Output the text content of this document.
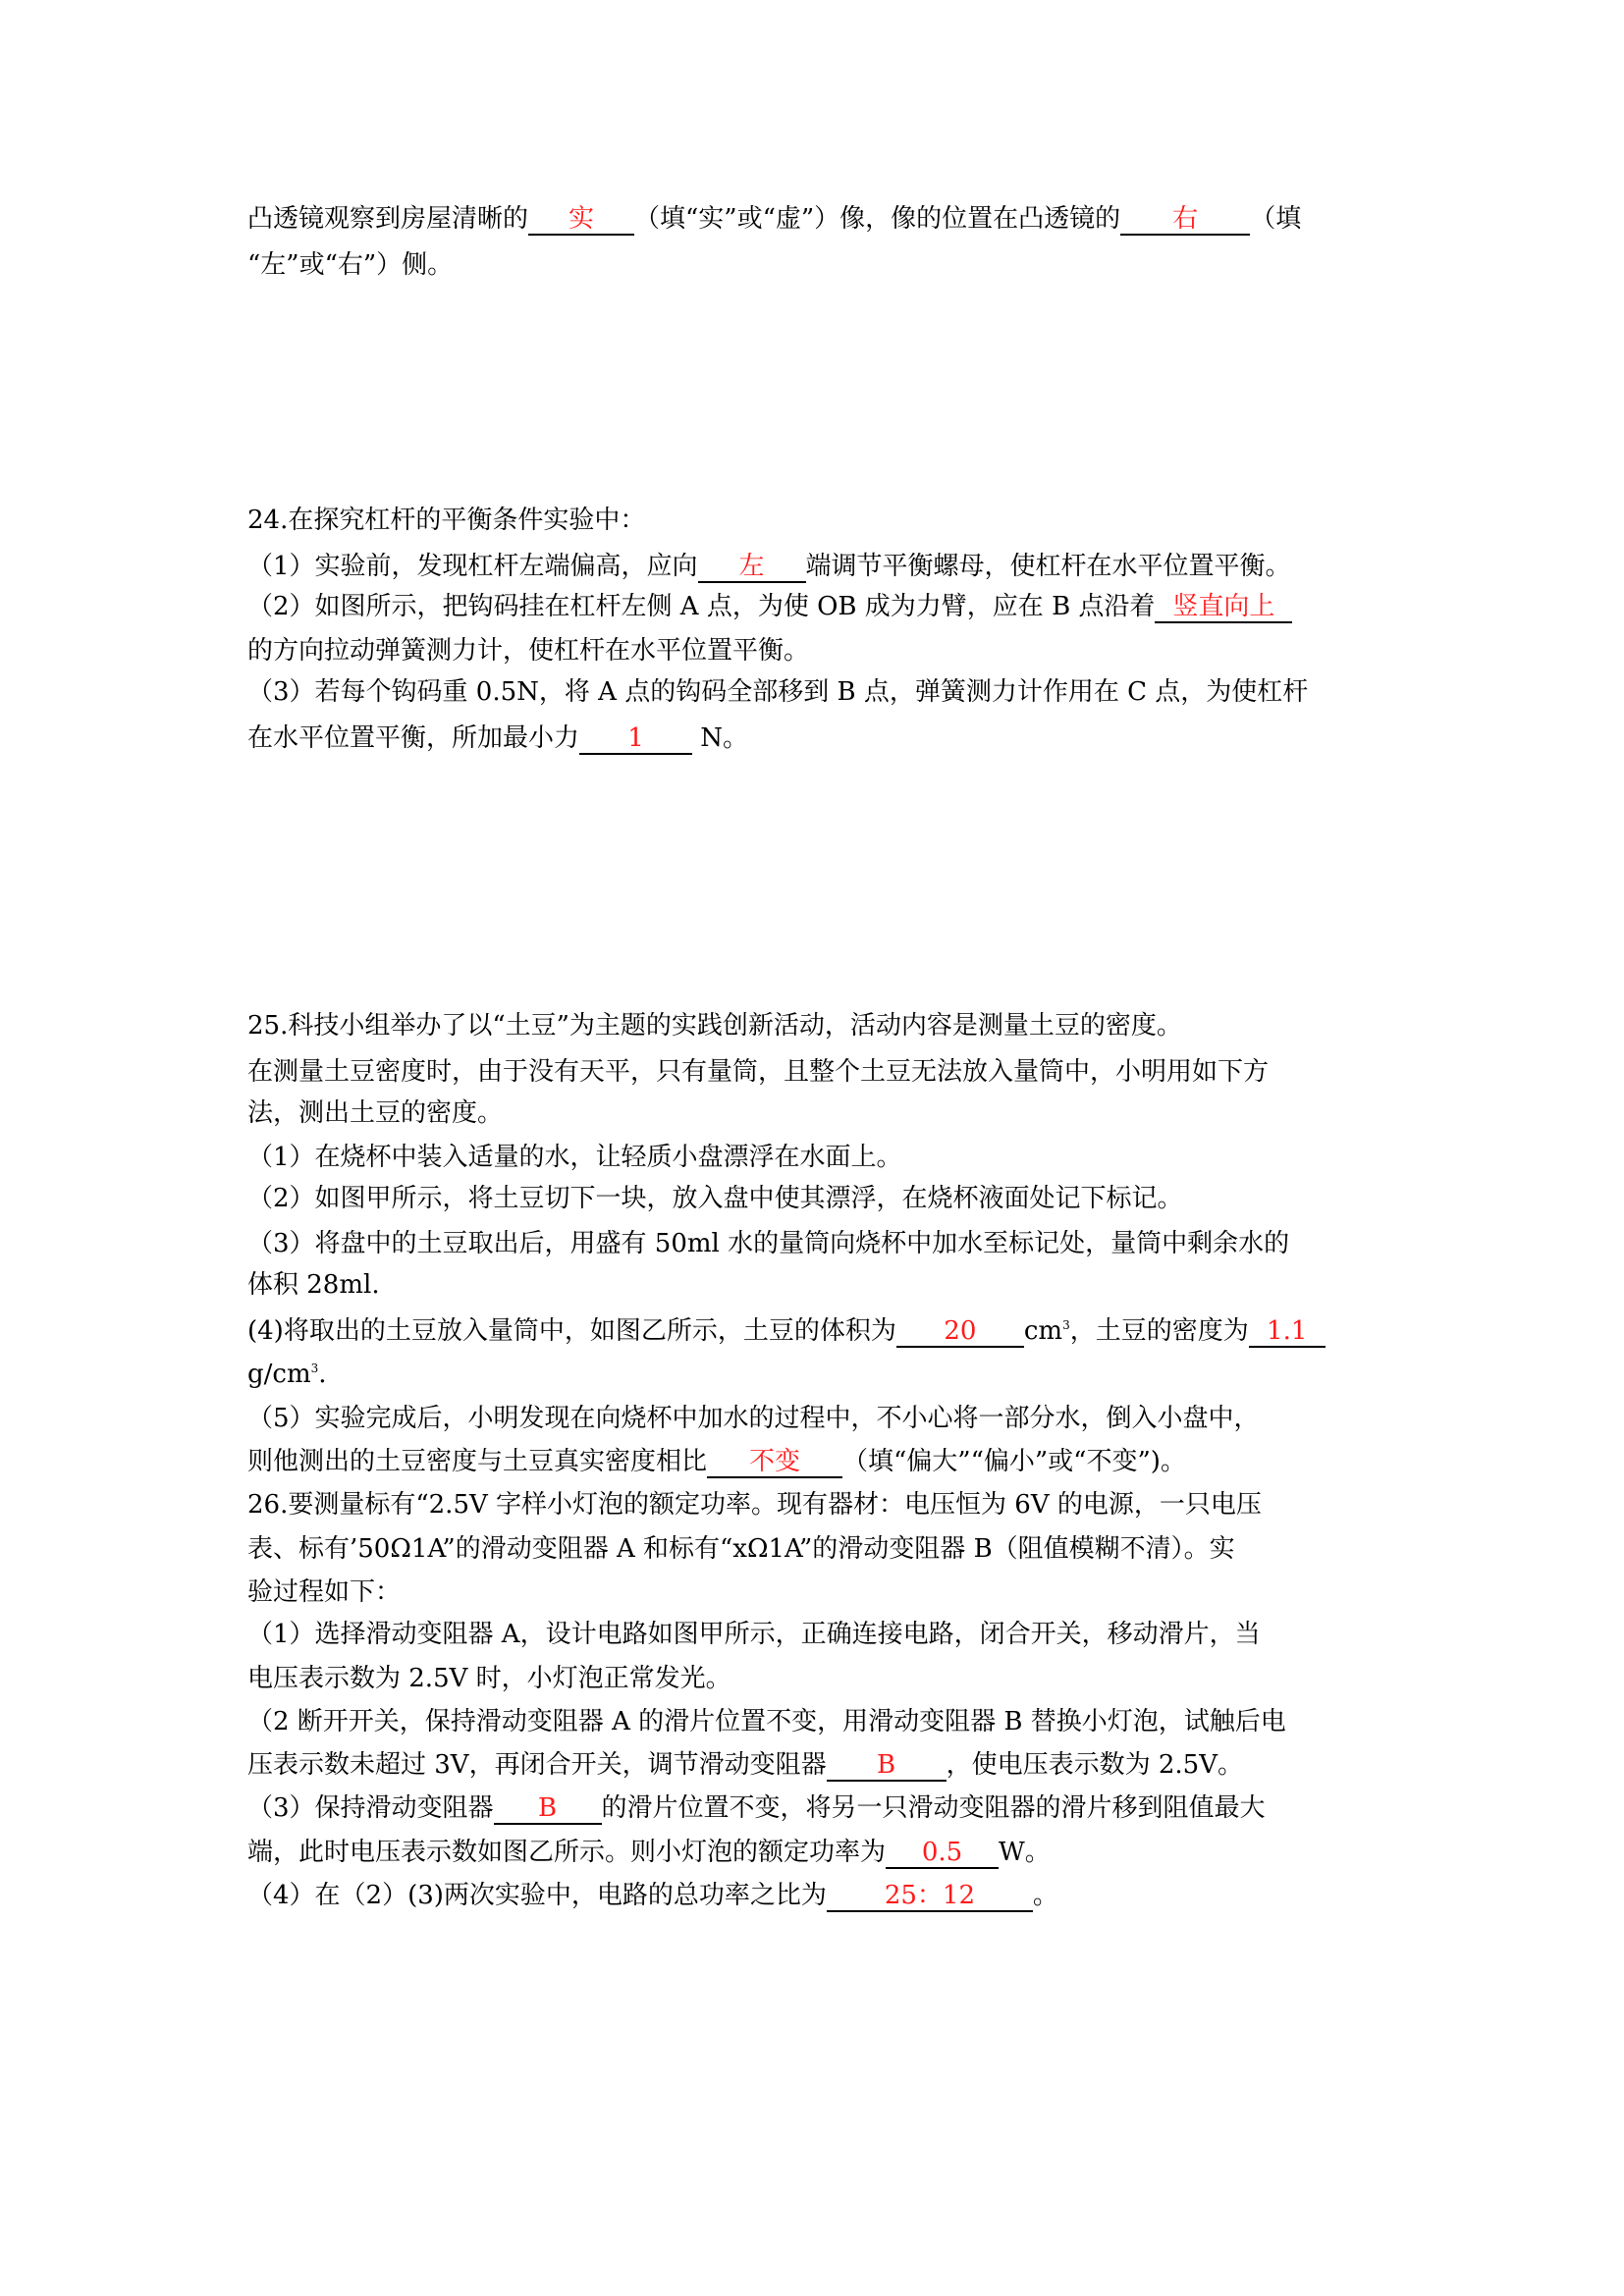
凸透镜观察到房屋清晰的 实 （填“实”或“虚”）像，像的位置在凸透镜的 右 （填
“左”或“右”）侧。
24.在探究杠杆的平衡条件实验中：
（1）实验前，发现杠杆左端偏高，应向 左 端调节平衡螺母，使杠杆在水平位置平衡。
（2）如图所示，把钩码挂在杠杆左侧 A 点，为使 OB 成为力臂，应在 B 点沿着 竖直向上
的方向拉动弹簧测力计，使杠杆在水平位置平衡。
（3）若每个钩码重 0.5N，将 A 点的钩码全部移到 B 点，弹簧测力计作用在 C 点，为使杠杆
在水平位置平衡，所加最小力 1 N。
25.科技小组举办了以“土豆”为主题的实践创新活动，活动内容是测量土豆的密度。
在测量土豆密度时，由于没有天平，只有量筒，且整个土豆无法放入量筒中，小明用如下方
法，测出土豆的密度。
（1）在烧杯中装入适量的水，让轻质小盘漂浮在水面上。
（2）如图甲所示，将土豆切下一块，放入盘中使其漂浮，在烧杯液面处记下标记。
（3）将盘中的土豆取出后，用盛有 50ml 水的量筒向烧杯中加水至标记处，量筒中剩余水的
体积 28ml.
(4)将取出的土豆放入量筒中，如图乙所示，土豆的体积为 20 $cm^3$，土豆的密度为 1.1
$g/cm^3$.
（5）实验完成后，小明发现在向烧杯中加水的过程中，不小心将一部分水，倒入小盘中，
则他测出的土豆密度与土豆真实密度相比 不变 （填“偏大”“偏小”或“不变”)。
26.要测量标有“2.5V 字样小灯泡的额定功率。现有器材：电压恒为 6V 的电源，一只电压
表、标有’50Ω1A”的滑动变阻器 A 和标有“xΩ1A”的滑动变阻器 B（阻值模糊不清）。实
验过程如下：
（1）选择滑动变阻器 A，设计电路如图甲所示，正确连接电路，闭合开关，移动滑片，当
电压表示数为 2.5V 时，小灯泡正常发光。
（2 断开开关，保持滑动变阻器 A 的滑片位置不变，用滑动变阻器 B 替换小灯泡，试触后电
压表示数未超过 3V，再闭合开关，调节滑动变阻器 B ，使电压表示数为 2.5V。
（3）保持滑动变阻器 B 的滑片位置不变，将另一只滑动变阻器的滑片移到阻值最大
端，此时电压表示数如图乙所示。则小灯泡的额定功率为 0.5 W。
（4）在（2）(3)两次实验中，电路的总功率之比为 25：12 。
